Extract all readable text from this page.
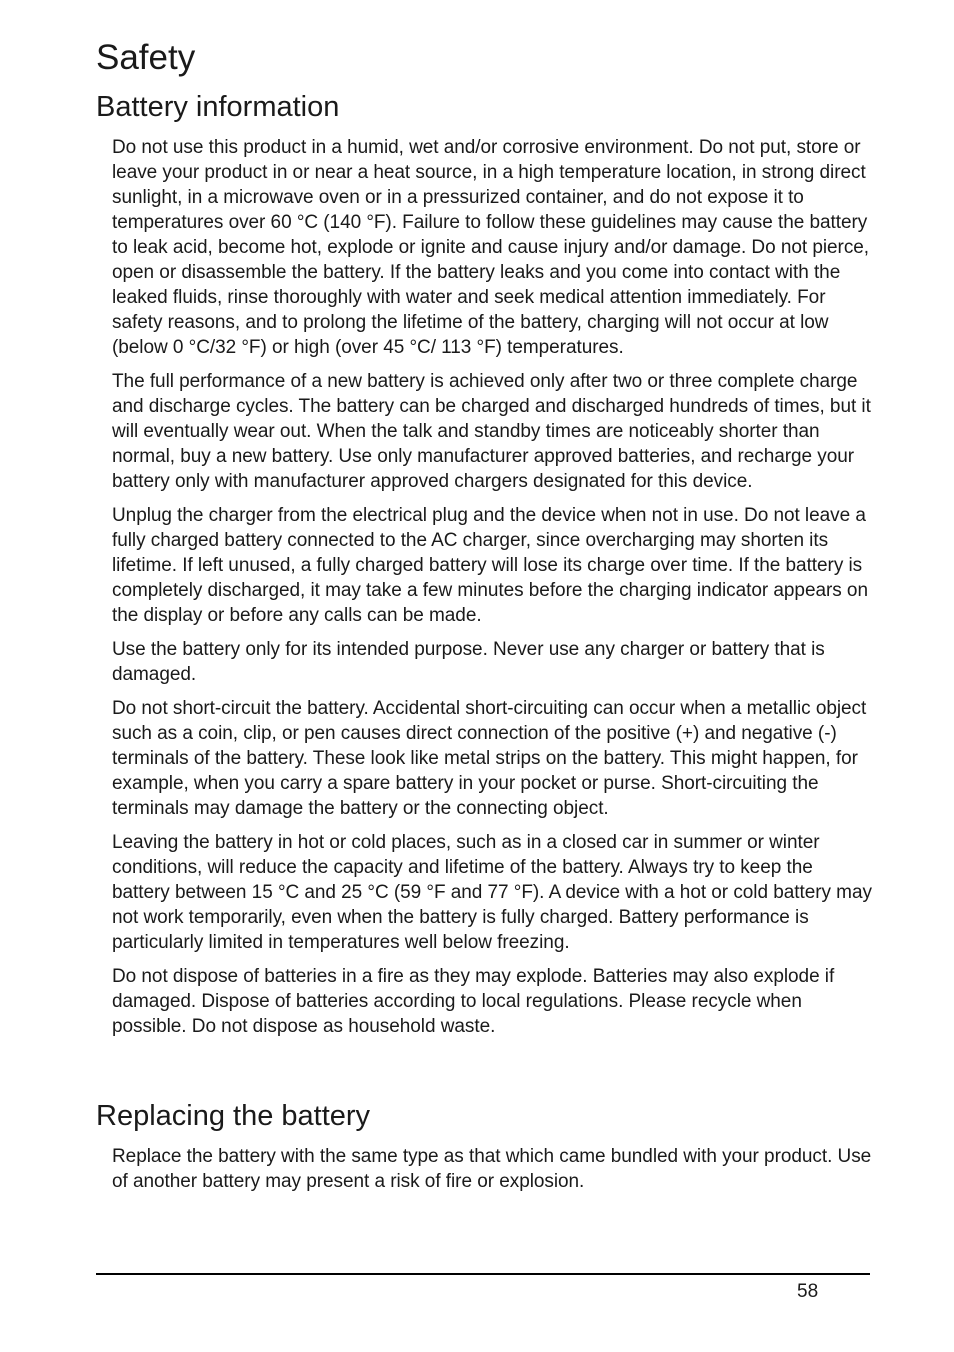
Safety
Battery information

Do not use this product in a humid, wet and/or corrosive environment. Do not put, store or leave your product in or near a heat source, in a high temperature location, in strong direct sunlight, in a microwave oven or in a pressurized container, and do not expose it to temperatures over 60 °C (140 °F). Failure to follow these guidelines may cause the battery to leak acid, become hot, explode or ignite and cause injury and/or damage. Do not pierce, open or disassemble the battery. If the battery leaks and you come into contact with the leaked fluids, rinse thoroughly with water and seek medical attention immediately. For safety reasons, and to prolong the lifetime of the battery, charging will not occur at low (below 0 °C/32 °F) or high (over 45 °C/ 113 °F) temperatures.

The full performance of a new battery is achieved only after two or three complete charge and discharge cycles. The battery can be charged and discharged hundreds of times, but it will eventually wear out. When the talk and standby times are noticeably shorter than normal, buy a new battery. Use only manufacturer approved batteries, and recharge your battery only with manufacturer approved chargers designated for this device.

Unplug the charger from the electrical plug and the device when not in use. Do not leave a fully charged battery connected to the AC charger, since overcharging may shorten its lifetime. If left unused, a fully charged battery will lose its charge over time. If the battery is completely discharged, it may take a few minutes before the charging indicator appears on the display or before any calls can be made.

Use the battery only for its intended purpose. Never use any charger or battery that is damaged.

Do not short-circuit the battery. Accidental short-circuiting can occur when a metallic object such as a coin, clip, or pen causes direct connection of the positive (+) and negative (-) terminals of the battery. These look like metal strips on the battery. This might happen, for example, when you carry a spare battery in your pocket or purse. Short-circuiting the terminals may damage the battery or the connecting object.

Leaving the battery in hot or cold places, such as in a closed car in summer or winter conditions, will reduce the capacity and lifetime of the battery. Always try to keep the battery between 15 °C and 25 °C (59 °F and 77 °F). A device with a hot or cold battery may not work temporarily, even when the battery is fully charged. Battery performance is particularly limited in temperatures well below freezing.

Do not dispose of batteries in a fire as they may explode. Batteries may also explode if damaged. Dispose of batteries according to local regulations. Please recycle when possible. Do not dispose as household waste.

Replacing the battery

Replace the battery with the same type as that which came bundled with your product. Use of another battery may present a risk of fire or explosion.

58
